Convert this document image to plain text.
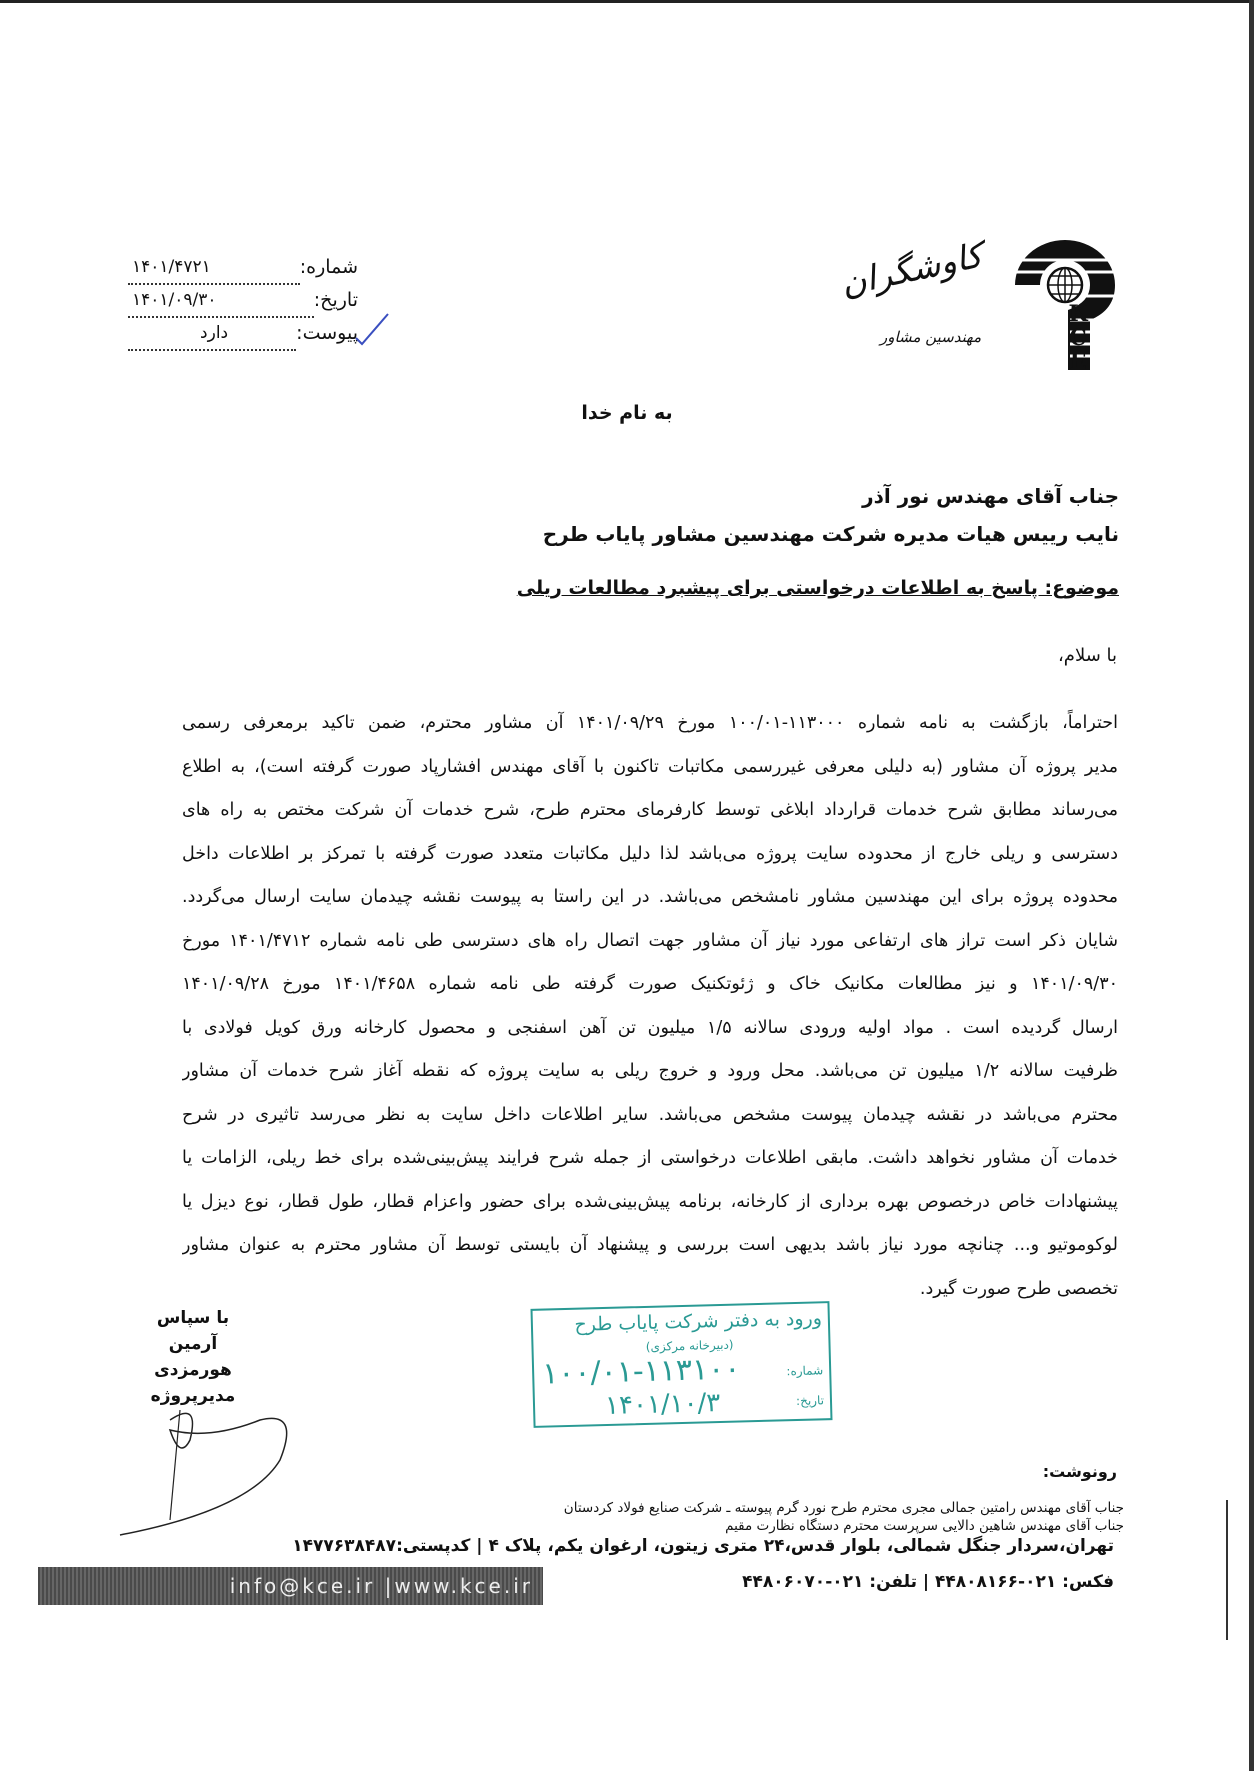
شماره:
۱۴۰۱/۴۷۲۱
تاریخ:
۱۴۰۱/۰۹/۳۰
پیوست:
دارد
K
C
E
کاوشگران
مهندسین مشاور
به نام خدا
جناب آقای مهندس نور آذر
نایب رییس هیات مدیره شرکت مهندسین مشاور پایاب طرح
موضوع: پاسخ به اطلاعات درخواستی برای پیشبرد مطالعات ریلی
با سلام،
احتراماً، بازگشت به نامه شماره ۱۱۳۰۰۰-۱۰۰/۰۱ مورخ ۱۴۰۱/۰۹/۲۹ آن مشاور محترم، ضمن تاکید برمعرفی رسمی
مدیر پروژه آن مشاور (به دلیلی معرفی غیررسمی مکاتبات تاکنون با آقای مهندس افشارپاد صورت گرفته است)، به اطلاع
می‌رساند مطابق شرح خدمات قرارداد ابلاغی توسط کارفرمای محترم طرح، شرح خدمات آن شرکت مختص به راه های
دسترسی و ریلی خارج از محدوده سایت پروژه می‌باشد لذا دلیل مکاتبات متعدد صورت گرفته با تمرکز بر اطلاعات داخل
محدوده پروژه برای این مهندسین مشاور نامشخص می‌باشد. در این راستا به پیوست نقشه چیدمان سایت ارسال می‌گردد.
شایان ذکر است تراز های ارتفاعی مورد نیاز آن مشاور جهت اتصال راه های دسترسی طی نامه شماره ۱۴۰۱/۴۷۱۲ مورخ
۱۴۰۱/۰۹/۳۰ و نیز مطالعات مکانیک خاک و ژئوتکنیک صورت گرفته طی نامه شماره ۱۴۰۱/۴۶۵۸ مورخ ۱۴۰۱/۰۹/۲۸
ارسال گردیده است . مواد اولیه ورودی سالانه ۱/۵ میلیون تن آهن اسفنجی و محصول کارخانه ورق کویل فولادی با
ظرفیت سالانه ۱/۲ میلیون تن می‌باشد. محل ورود و خروج ریلی به سایت پروژه که نقطه آغاز شرح خدمات آن مشاور
محترم می‌باشد در نقشه چیدمان پیوست مشخص می‌باشد. سایر اطلاعات داخل سایت به نظر می‌رسد تاثیری در شرح
خدمات آن مشاور نخواهد داشت. مابقی اطلاعات درخواستی از جمله شرح فرایند پیش‌بینی‌شده برای خط ریلی، الزامات یا
پیشنهادات خاص درخصوص بهره برداری از کارخانه، برنامه پیش‌بینی‌شده برای حضور واعزام قطار، طول قطار، نوع دیزل یا
لوکوموتیو و... چنانچه مورد نیاز باشد بدیهی است بررسی و پیشنهاد آن بایستی توسط آن مشاور محترم به عنوان مشاور
تخصصی طرح صورت گیرد.
ورود به دفتر شرکت پایاب طرح
(دبیرخانه مرکزی)
شماره:
۱۰۰/۰۱-۱۱۳۱۰۰
تاریخ:
۱۴۰۱/۱۰/۳
با سپاس
آرمین هورمزدی
مدیرپروژه
رونوشت:
جناب آقای مهندس رامتین جمالی مجری محترم طرح نورد گرم پیوسته ـ شرکت صنایع فولاد کردستان
جناب آقای مهندس شاهین دالایی سرپرست محترم دستگاه نظارت مقیم
تهران،سردار جنگل شمالی، بلوار قدس،۲۴ متری زیتون، ارغوان یکم، پلاک ۴ | کدپستی:۱۴۷۷۶۳۸۴۸۷
info@kce.ir |www.kce.ir	فکس: ۰۲۱-۴۴۸۰۸۱۶۶ | تلفن: ۰۲۱-۴۴۸۰۶۰۷۰
